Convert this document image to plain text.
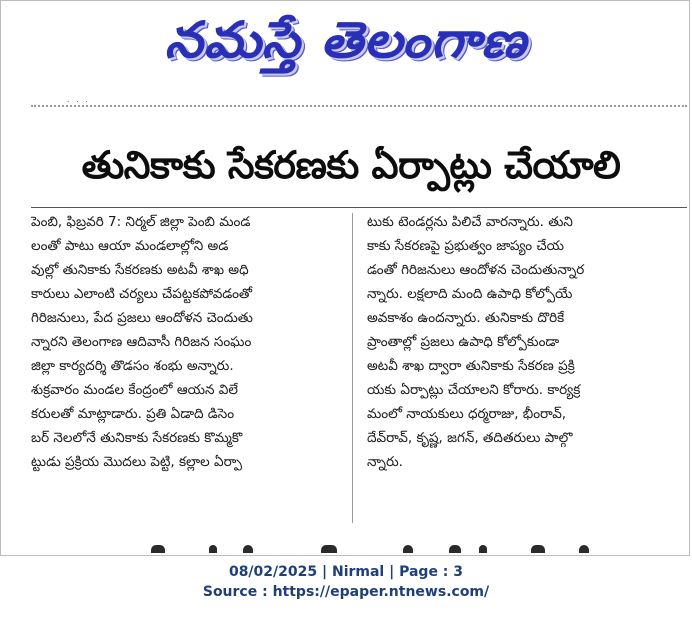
నమస్తే తెలంగాణ
. . .
తునికాకు సేకరణకు ఏర్పాట్లు చేయాలి
పెంబి, ఫిబ్రవరి 7: నిర్మల్ జిల్లా పెంబి మండ
లంతో పాటు ఆయా మండలాల్లోని అడ
వుల్లో తునికాకు సేకరణకు అటవీ శాఖ అధి
కారులు ఎలాంటి చర్యలు చేపట్టకపోవడంతో
గిరిజనులు, పేద ప్రజలు ఆందోళన చెందుతు
న్నారని తెలంగాణ ఆదివాసీ గిరిజన సంఘం
జిల్లా కార్యదర్శి తొడసం శంభు అన్నారు.
శుక్రవారం మండల కేంద్రంలో ఆయన విలే
కరులతో మాట్లాడారు. ప్రతి ఏడాది డిసెం
బర్ నెలలోనే తునికాకు సేకరణకు కొమ్మకొ
ట్టుడు ప్రక్రియ మొదలు పెట్టి, కల్లాల ఏర్పా
టుకు టెండర్లను పిలిచే వారన్నారు. తుని
కాకు సేకరణపై ప్రభుత్వం జాప్యం చేయ
డంతో గిరిజనులు ఆందోళన చెందుతున్నార
న్నారు. లక్షలాది మంది ఉపాధి కోల్పోయే
అవకాశం ఉందన్నారు. తునికాకు దొరికే
ప్రాంతాల్లో ప్రజలు ఉపాధి కోల్పోకుండా
అటవీ శాఖ ద్వారా తునికాకు సేకరణ ప్రక్రి
యకు ఏర్పాట్లు చేయాలని కోరారు. కార్యక్ర
మంలో నాయకులు ధర్మరాజు, భీంరావ్,
దేవ్‌రావ్, కృష్ణ, జగన్, తదితరులు పాల్గొ
న్నారు.
08/02/2025 | Nirmal | Page : 3
Source : https://epaper.ntnews.com/
